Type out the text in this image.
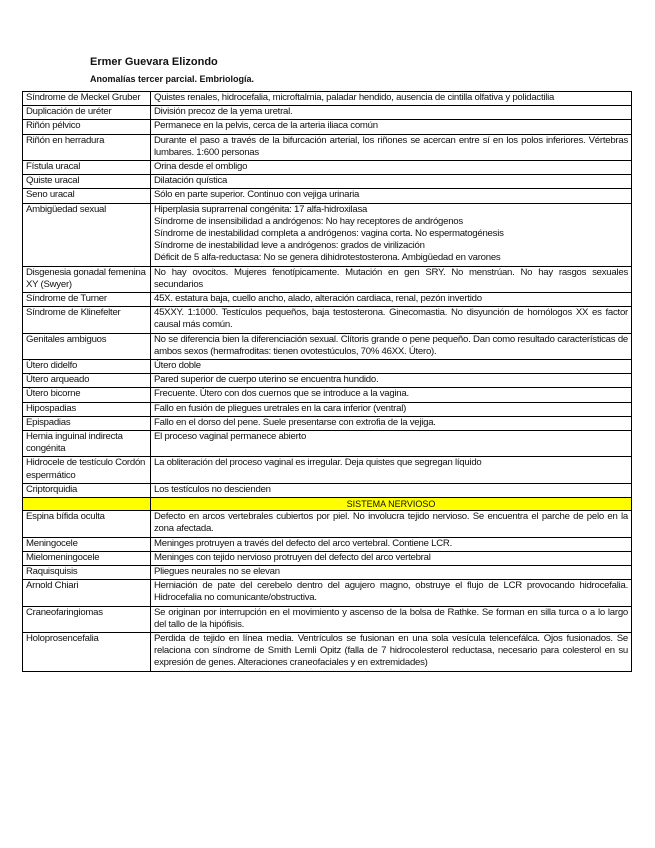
Ermer Guevara Elizondo
Anomalías tercer parcial. Embriología.
Síndrome de Meckel Gruber	Quistes renales, hidrocefalia, microftalmia, paladar hendido, ausencia de cintilla olfativa y polidactilia
Duplicación de uréter	División precoz de la yema uretral.
Riñón pélvico	Permanece en la pelvis, cerca de la arteria iliaca común
Riñón en herradura	Durante el paso a través de la bifurcación arterial, los riñones se acercan entre sí en los polos inferiores. Vértebras lumbares. 1:600 personas
Fístula uracal	Orina desde el ombligo
Quiste uracal	Dilatación quística
Seno uracal	Sólo en parte superior. Continuo con vejiga urinaria
Ambigüedad sexual	Hiperplasia suprarrenal congénita: 17 alfa-hidroxilasa
Síndrome de insensibilidad a andrógenos: No hay receptores de andrógenos
Síndrome de inestabilidad completa a andrógenos: vagina corta. No espermatogénesis
Síndrome de inestabilidad leve a andrógenos: grados de virilización
Déficit de 5 alfa-reductasa: No se genera dihidrotestosterona. Ambigüedad en varones

Disgenesia gonadal femenina XY (Swyer)	No hay ovocitos. Mujeres fenotípicamente. Mutación en gen SRY. No menstrúan. No hay rasgos sexuales secundarios
Síndrome de Turner	45X. estatura baja, cuello ancho, alado, alteración cardiaca, renal, pezón invertido
Síndrome de Klinefelter	45XXY. 1:1000. Testículos pequeños, baja testosterona. Ginecomastia. No disyunción de homólogos XX es factor causal más común.
Genitales ambiguos	No se diferencia bien la diferenciación sexual. Clítoris grande o pene pequeño. Dan como resultado características de ambos sexos (hermafroditas: tienen ovotestúculos, 70% 46XX. Útero).
Útero didelfo	Útero doble
Útero arqueado	Pared superior de cuerpo uterino se encuentra hundido.
Útero bicorne	Frecuente. Útero con dos cuernos que se introduce a la vagina.
Hipospadias	Fallo en fusión de pliegues uretrales en la cara inferior (ventral)
Epispadias	Fallo en el dorso del pene. Suele presentarse con extrofia de la vejiga.
Hernia inguinal indirecta congénita	El proceso vaginal permanece abierto
Hidrocele de testículo Cordón espermático	La obliteración del proceso vaginal es irregular. Deja quistes que segregan líquido
Criptorquidia	Los testículos no descienden
	SISTEMA NERVIOSO
Espina bífida oculta	Defecto en arcos vertebrales cubiertos por piel. No involucra tejido nervioso. Se encuentra el parche de pelo en la zona afectada.
Meningocele	Meninges protruyen a través del defecto del arco vertebral. Contiene LCR.
Mielomeningocele	Meninges con tejido nervioso protruyen del defecto del arco vertebral
Raquisquisis	Pliegues neurales no se elevan
Arnold Chiari	Herniación de pate del cerebelo dentro del agujero magno, obstruye el flujo de LCR provocando hidrocefalia. Hidrocefalia no comunicante/obstructiva.
Craneofaringiomas	Se originan por interrupción en el movimiento y ascenso de la bolsa de Rathke. Se forman en silla turca o a lo largo del tallo de la hipófisis.
Holoprosencefalia	Perdida de tejido en línea media. Ventrículos se fusionan en una sola vesícula telencefálca. Ojos fusionados. Se relaciona con síndrome de Smith Lemli Opitz (falla de 7 hidrocolesterol reductasa, necesario para colesterol en su expresión de genes. Alteraciones craneofaciales y en extremidades)
